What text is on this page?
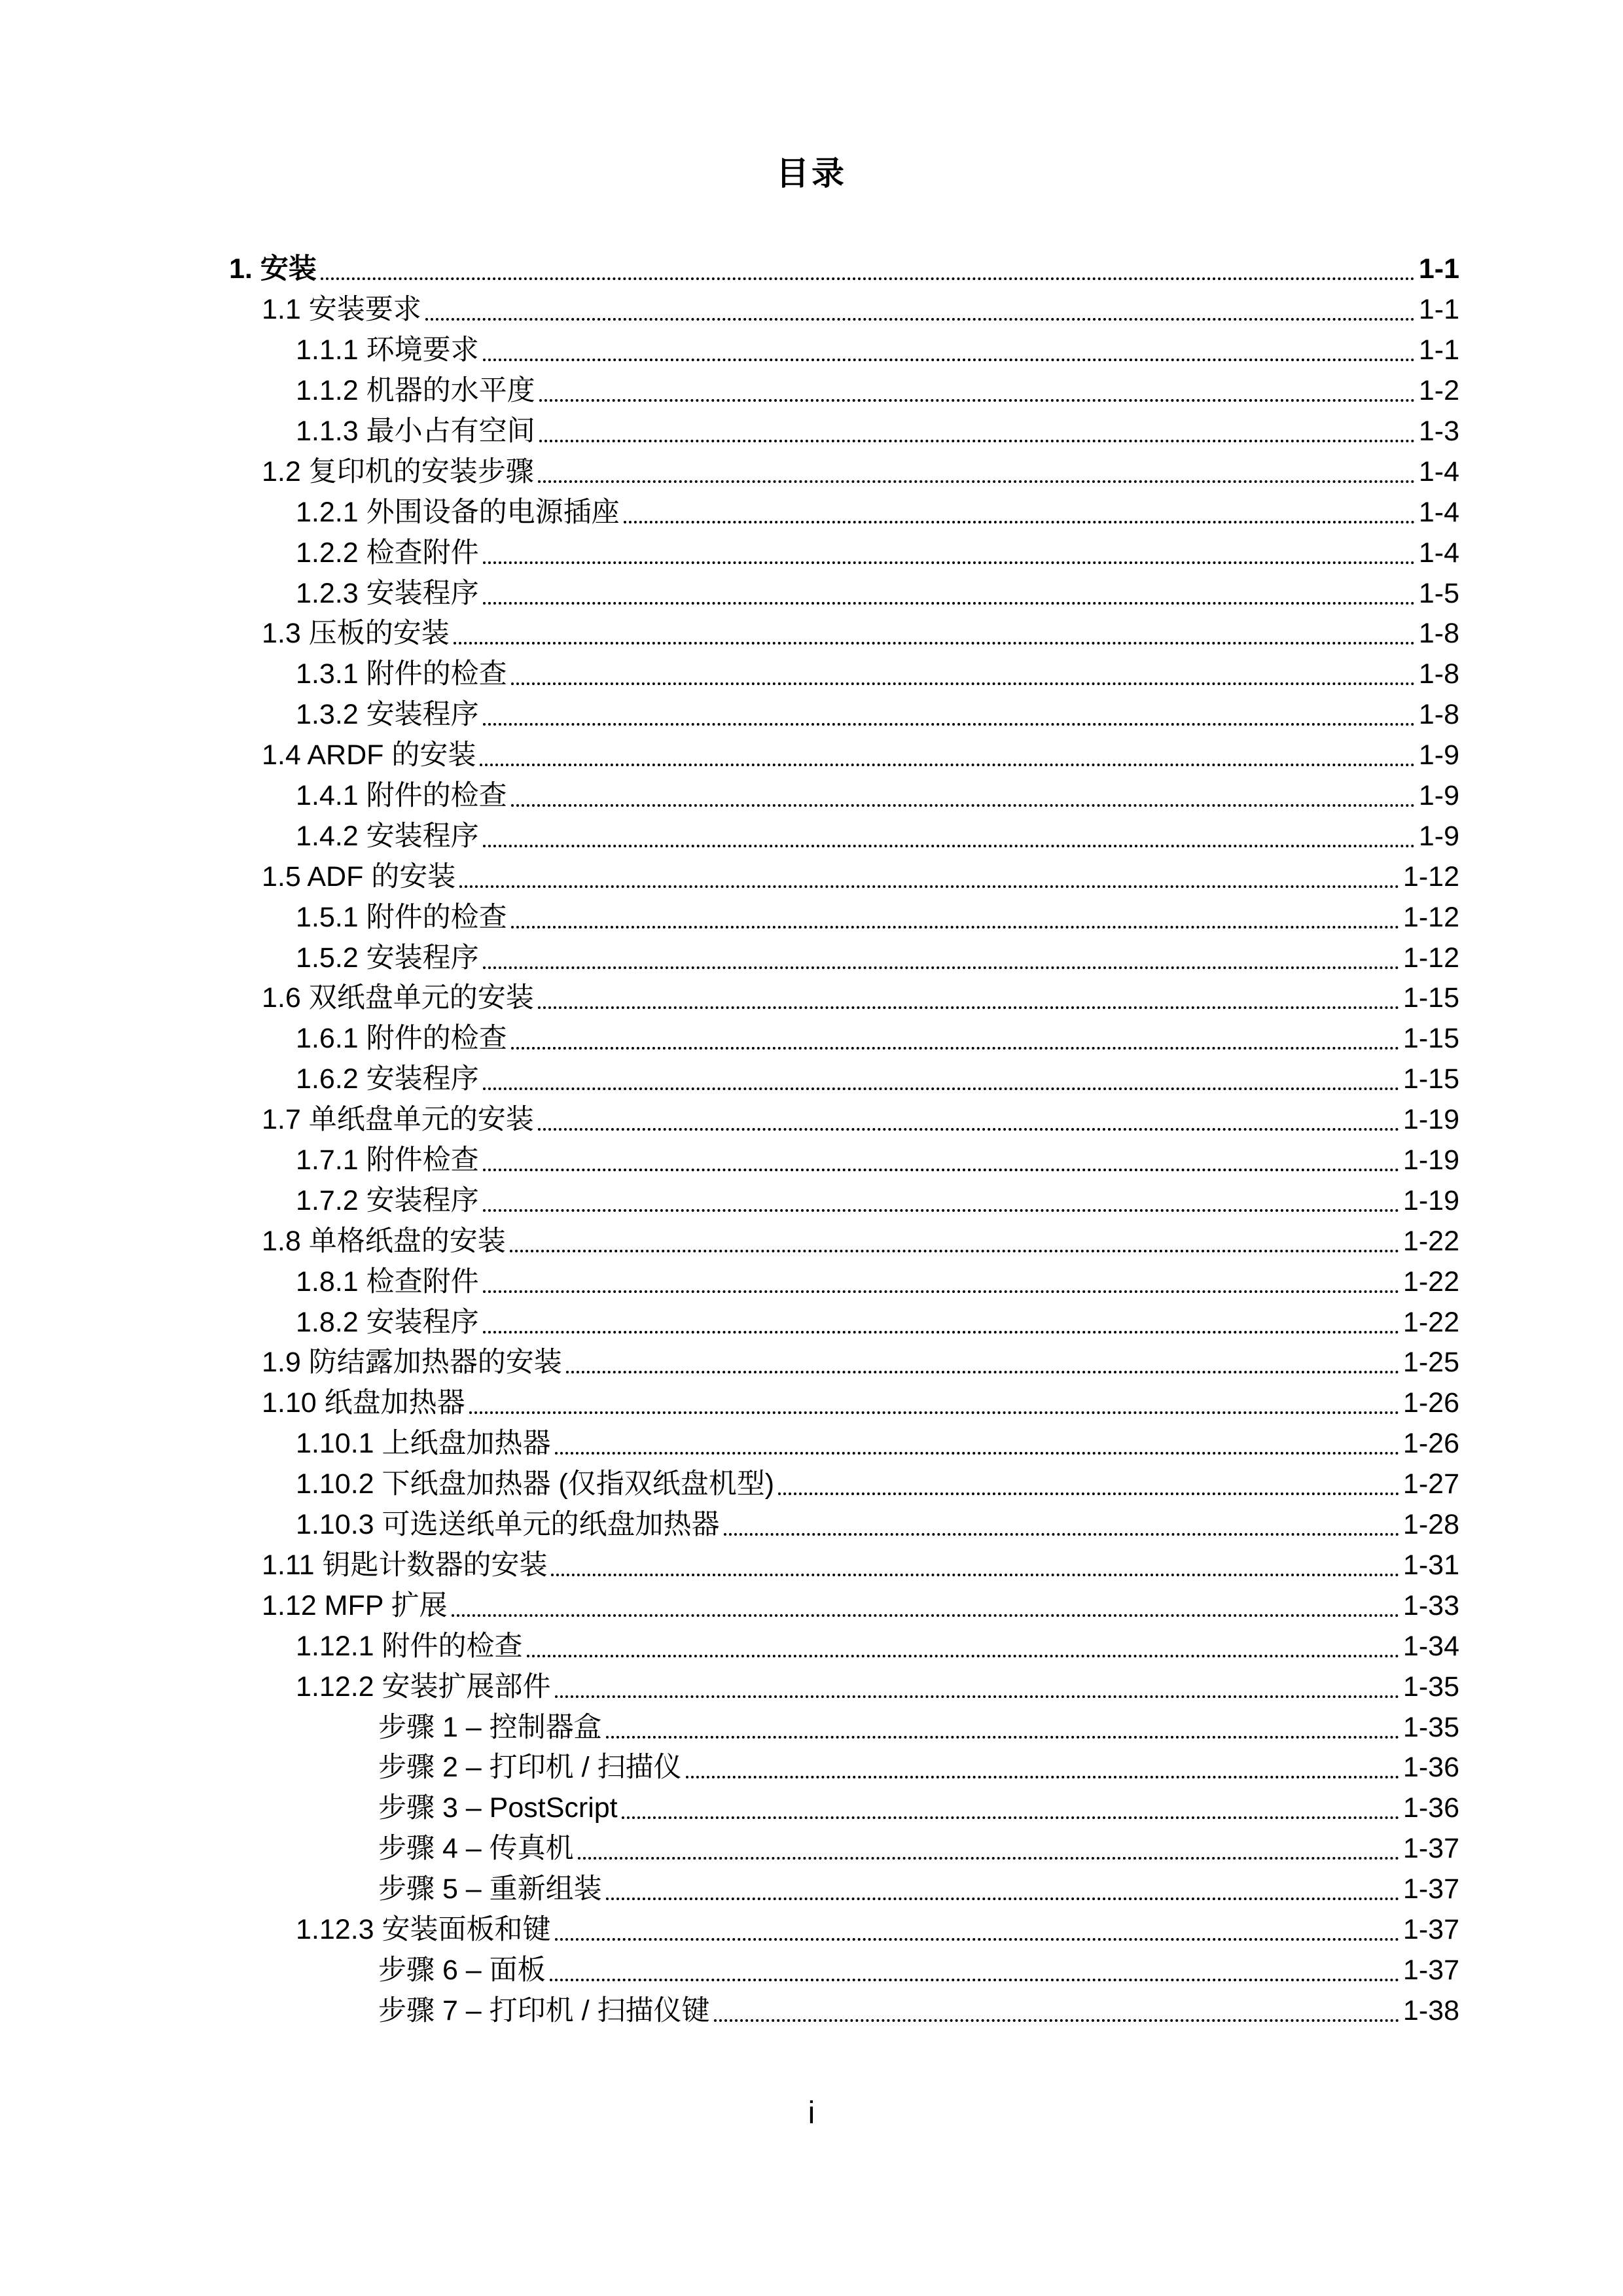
目录
1. 安装	1-1
1.1 安装要求	1-1
1.1.1 环境要求	1-1
1.1.2 机器的水平度	1-2
1.1.3 最小占有空间	1-3
1.2 复印机的安装步骤	1-4
1.2.1 外围设备的电源插座	1-4
1.2.2 检查附件	1-4
1.2.3 安装程序	1-5
1.3 压板的安装	1-8
1.3.1 附件的检查	1-8
1.3.2 安装程序	1-8
1.4 ARDF 的安装	1-9
1.4.1 附件的检查	1-9
1.4.2 安装程序	1-9
1.5 ADF 的安装	1-12
1.5.1 附件的检查	1-12
1.5.2 安装程序	1-12
1.6 双纸盘单元的安装	1-15
1.6.1 附件的检查	1-15
1.6.2 安装程序	1-15
1.7 单纸盘单元的安装	1-19
1.7.1 附件检查	1-19
1.7.2 安装程序	1-19
1.8 单格纸盘的安装	1-22
1.8.1 检查附件	1-22
1.8.2 安装程序	1-22
1.9 防结露加热器的安装	1-25
1.10 纸盘加热器	1-26
1.10.1 上纸盘加热器	1-26
1.10.2 下纸盘加热器 (仅指双纸盘机型)	1-27
1.10.3 可选送纸单元的纸盘加热器	1-28
1.11 钥匙计数器的安装	1-31
1.12 MFP 扩展	1-33
1.12.1 附件的检查	1-34
1.12.2 安装扩展部件	1-35
步骤 1 – 控制器盒	1-35
步骤 2 – 打印机 / 扫描仪	1-36
步骤 3 – PostScript	1-36
步骤 4 – 传真机	1-37
步骤 5 – 重新组装	1-37
1.12.3 安装面板和键	1-37
步骤 6 – 面板	1-37
步骤 7 – 打印机 / 扫描仪键	1-38
i
